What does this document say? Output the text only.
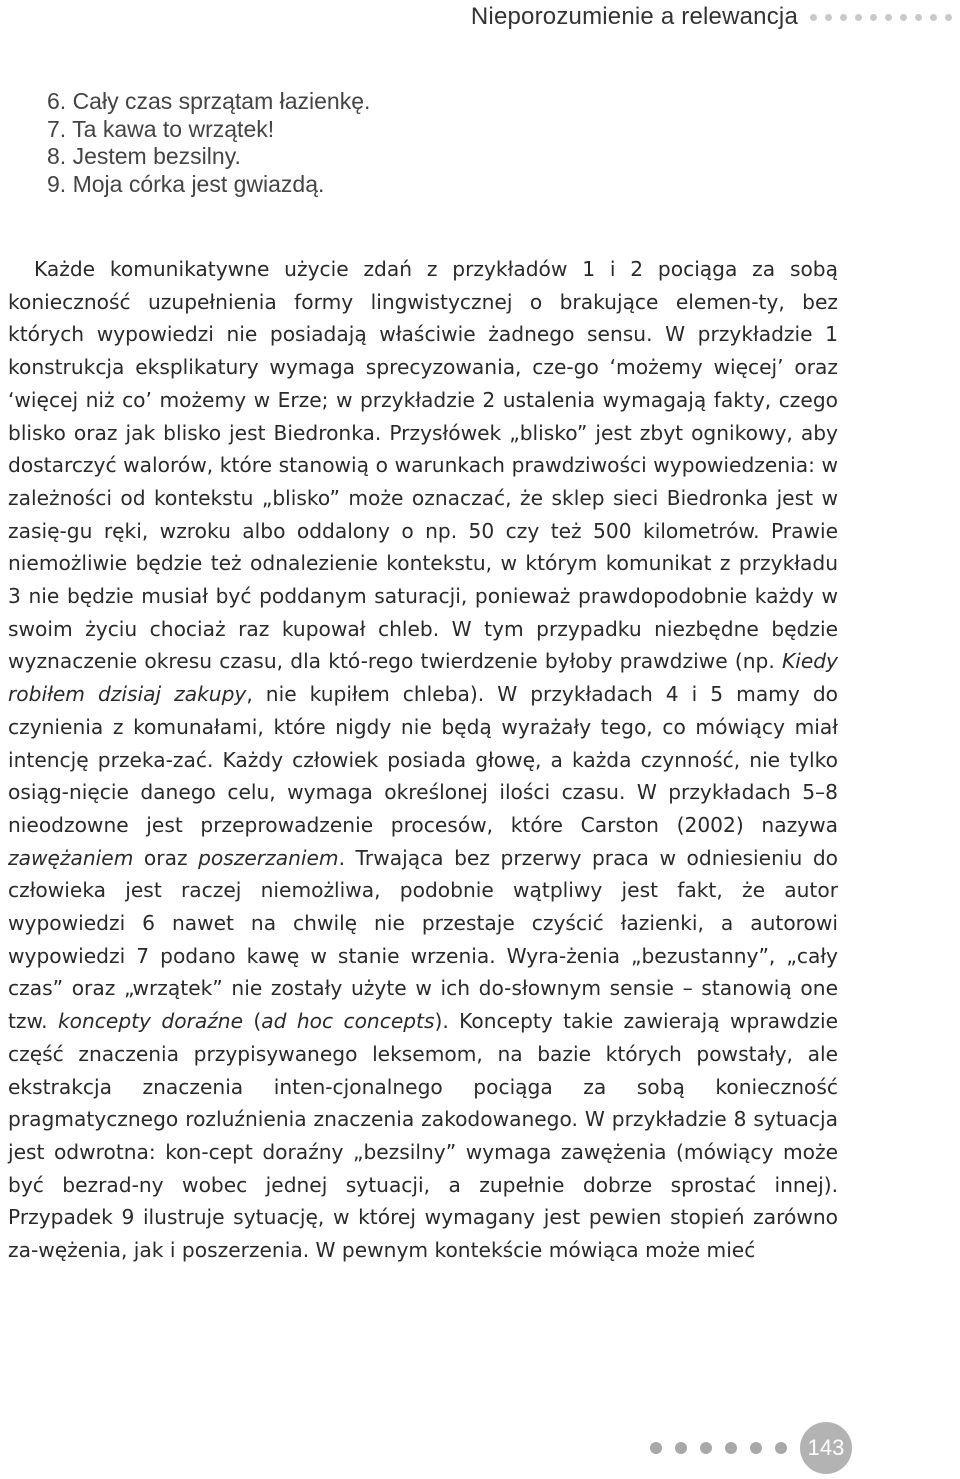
Nieporozumienie a relewancja
6. Cały czas sprzątam łazienkę.
7. Ta kawa to wrzątek!
8. Jestem bezsilny.
9. Moja córka jest gwiazdą.

Każde komunikatywne użycie zdań z przykładów 1 i 2 pociąga za sobą konieczność uzupełnienia formy lingwistycznej o brakujące elemen-ty, bez których wypowiedzi nie posiadają właściwie żadnego sensu. W przykładzie 1 konstrukcja eksplikatury wymaga sprecyzowania, cze-go ‘możemy więcej’ oraz ‘więcej niż co’ możemy w Erze; w przykładzie 2 ustalenia wymagają fakty, czego blisko oraz jak blisko jest Biedronka. Przysłówek „blisko” jest zbyt ognikowy, aby dostarczyć walorów, które stanowią o warunkach prawdziwości wypowiedzenia: w zależności od kontekstu „blisko” może oznaczać, że sklep sieci Biedronka jest w zasię-gu ręki, wzroku albo oddalony o np. 50 czy też 500 kilometrów. Prawie niemożliwie będzie też odnalezienie kontekstu, w którym komunikat z przykładu 3 nie będzie musiał być poddanym saturacji, ponieważ prawdopodobnie każdy w swoim życiu chociaż raz kupował chleb. W tym przypadku niezbędne będzie wyznaczenie okresu czasu, dla któ-rego twierdzenie byłoby prawdziwe (np. Kiedy robiłem dzisiaj zakupy, nie kupiłem chleba). W przykładach 4 i 5 mamy do czynienia z komunałami, które nigdy nie będą wyrażały tego, co mówiący miał intencję przeka-zać. Każdy człowiek posiada głowę, a każda czynność, nie tylko osiąg-nięcie danego celu, wymaga określonej ilości czasu. W przykładach 5–8 nieodzowne jest przeprowadzenie procesów, które Carston (2002) nazywa zawężaniem oraz poszerzaniem. Trwająca bez przerwy praca w odniesieniu do człowieka jest raczej niemożliwa, podobnie wątpliwy jest fakt, że autor wypowiedzi 6 nawet na chwilę nie przestaje czyścić łazienki, a autorowi wypowiedzi 7 podano kawę w stanie wrzenia. Wyra-żenia „bezustanny”, „cały czas” oraz „wrzątek” nie zostały użyte w ich do-słownym sensie – stanowią one tzw. koncepty doraźne (ad hoc concepts). Koncepty takie zawierają wprawdzie część znaczenia przypisywanego leksemom, na bazie których powstały, ale ekstrakcja znaczenia inten-cjonalnego pociąga za sobą konieczność pragmatycznego rozluźnienia znaczenia zakodowanego. W przykładzie 8 sytuacja jest odwrotna: kon-cept doraźny „bezsilny” wymaga zawężenia (mówiący może być bezrad-ny wobec jednej sytuacji, a zupełnie dobrze sprostać innej). Przypadek 9 ilustruje sytuację, w której wymagany jest pewien stopień zarówno za-wężenia, jak i poszerzenia. W pewnym kontekście mówiąca może mieć

143
